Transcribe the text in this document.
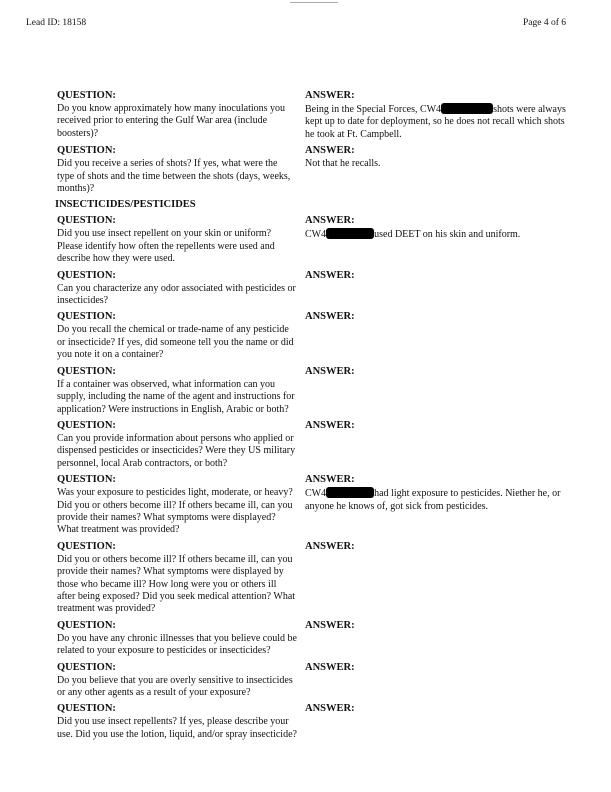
Lead ID: 18158	Page 4 of 6
QUESTION:
Do you know approximately how many inoculations you received prior to entering the Gulf War area (include boosters)?
ANSWER:
Being in the Special Forces, CW4	shots were always kept up to date for deployment, so he does not recall which shots he took at Ft. Campbell.
QUESTION:
Did you receive a series of shots? If yes, what were the type of shots and the time between the shots (days, weeks, months)?
ANSWER:
Not that he recalls.
INSECTICIDES/PESTICIDES
QUESTION:
Did you use insect repellent on your skin or uniform? Please identify how often the repellents were used and describe how they were used.
ANSWER:
CW4	used DEET on his skin and uniform.
QUESTION:
Can you characterize any odor associated with pesticides or insecticides?
ANSWER:
QUESTION:
Do you recall the chemical or trade-name of any pesticide or insecticide? If yes, did someone tell you the name or did you note it on a container?
ANSWER:
QUESTION:
If a container was observed, what information can you supply, including the name of the agent and instructions for application? Were instructions in English, Arabic or both?
ANSWER:
QUESTION:
Can you provide information about persons who applied or dispensed pesticides or insecticides? Were they US military personnel, local Arab contractors, or both?
ANSWER:
QUESTION:
Was your exposure to pesticides light, moderate, or heavy? Did you or others become ill? If others became ill, can you provide their names? What symptoms were displayed? What treatment was provided?
ANSWER:
CW4	had light exposure to pesticides. Niether he, or anyone he knows of, got sick from pesticides.
QUESTION:
Did you or others become ill? If others became ill, can you provide their names? What symptoms were displayed by those who became ill? How long were you or others ill after being exposed? Did you seek medical attention? What treatment was provided?
ANSWER:
QUESTION:
Do you have any chronic illnesses that you believe could be related to your exposure to pesticides or insecticides?
ANSWER:
QUESTION:
Do you believe that you are overly sensitive to insecticides or any other agents as a result of your exposure?
ANSWER:
QUESTION:
Did you use insect repellents? If yes, please describe your use. Did you use the lotion, liquid, and/or spray insecticide?
ANSWER:
